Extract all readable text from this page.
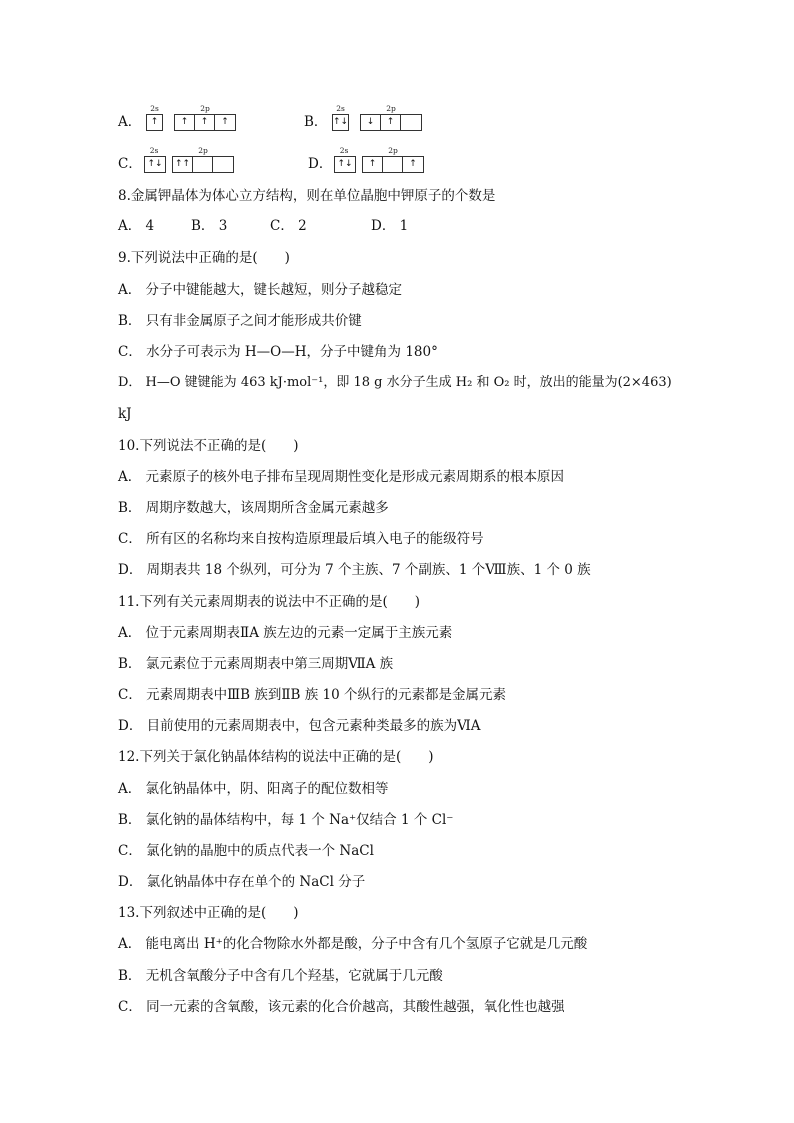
A．
2s
↑
2p
↑	↑	↑	B．
2s
↑↓
2p
↓	↑
C．
2s
↑↓
2p
↑↑	D．
2s
↑↓
2p
↑	↑
8.金属钾晶体为体心立方结构，则在单位晶胞中钾原子的个数是
A． 4	B． 3	C． 2	D． 1
9.下列说法中正确的是(　　)
A． 分子中键能越大，键长越短，则分子越稳定
B． 只有非金属原子之间才能形成共价键
C． 水分子可表示为 H—O—H，分子中键角为 180°
D． H—O 键键能为 463 kJ·mol⁻¹，即 18 g 水分子生成 H₂ 和 O₂ 时，放出的能量为(2×463)
kJ
10.下列说法不正确的是(　　)
A． 元素原子的核外电子排布呈现周期性变化是形成元素周期系的根本原因
B． 周期序数越大，该周期所含金属元素越多
C． 所有区的名称均来自按构造原理最后填入电子的能级符号
D． 周期表共 18 个纵列，可分为 7 个主族、7 个副族、1 个Ⅷ族、1 个 0 族
11.下列有关元素周期表的说法中不正确的是(　　)
A． 位于元素周期表ⅡA 族左边的元素一定属于主族元素
B． 氯元素位于元素周期表中第三周期ⅦA 族
C． 元素周期表中ⅢB 族到ⅡB 族 10 个纵行的元素都是金属元素
D． 目前使用的元素周期表中，包含元素种类最多的族为ⅥA
12.下列关于氯化钠晶体结构的说法中正确的是(　　)
A． 氯化钠晶体中，阴、阳离子的配位数相等
B． 氯化钠的晶体结构中，每 1 个 Na⁺仅结合 1 个 Cl⁻
C． 氯化钠的晶胞中的质点代表一个 NaCl
D． 氯化钠晶体中存在单个的 NaCl 分子
13.下列叙述中正确的是(　　)
A． 能电离出 H⁺的化合物除水外都是酸，分子中含有几个氢原子它就是几元酸
B． 无机含氧酸分子中含有几个羟基，它就属于几元酸
C． 同一元素的含氧酸，该元素的化合价越高，其酸性越强，氧化性也越强
